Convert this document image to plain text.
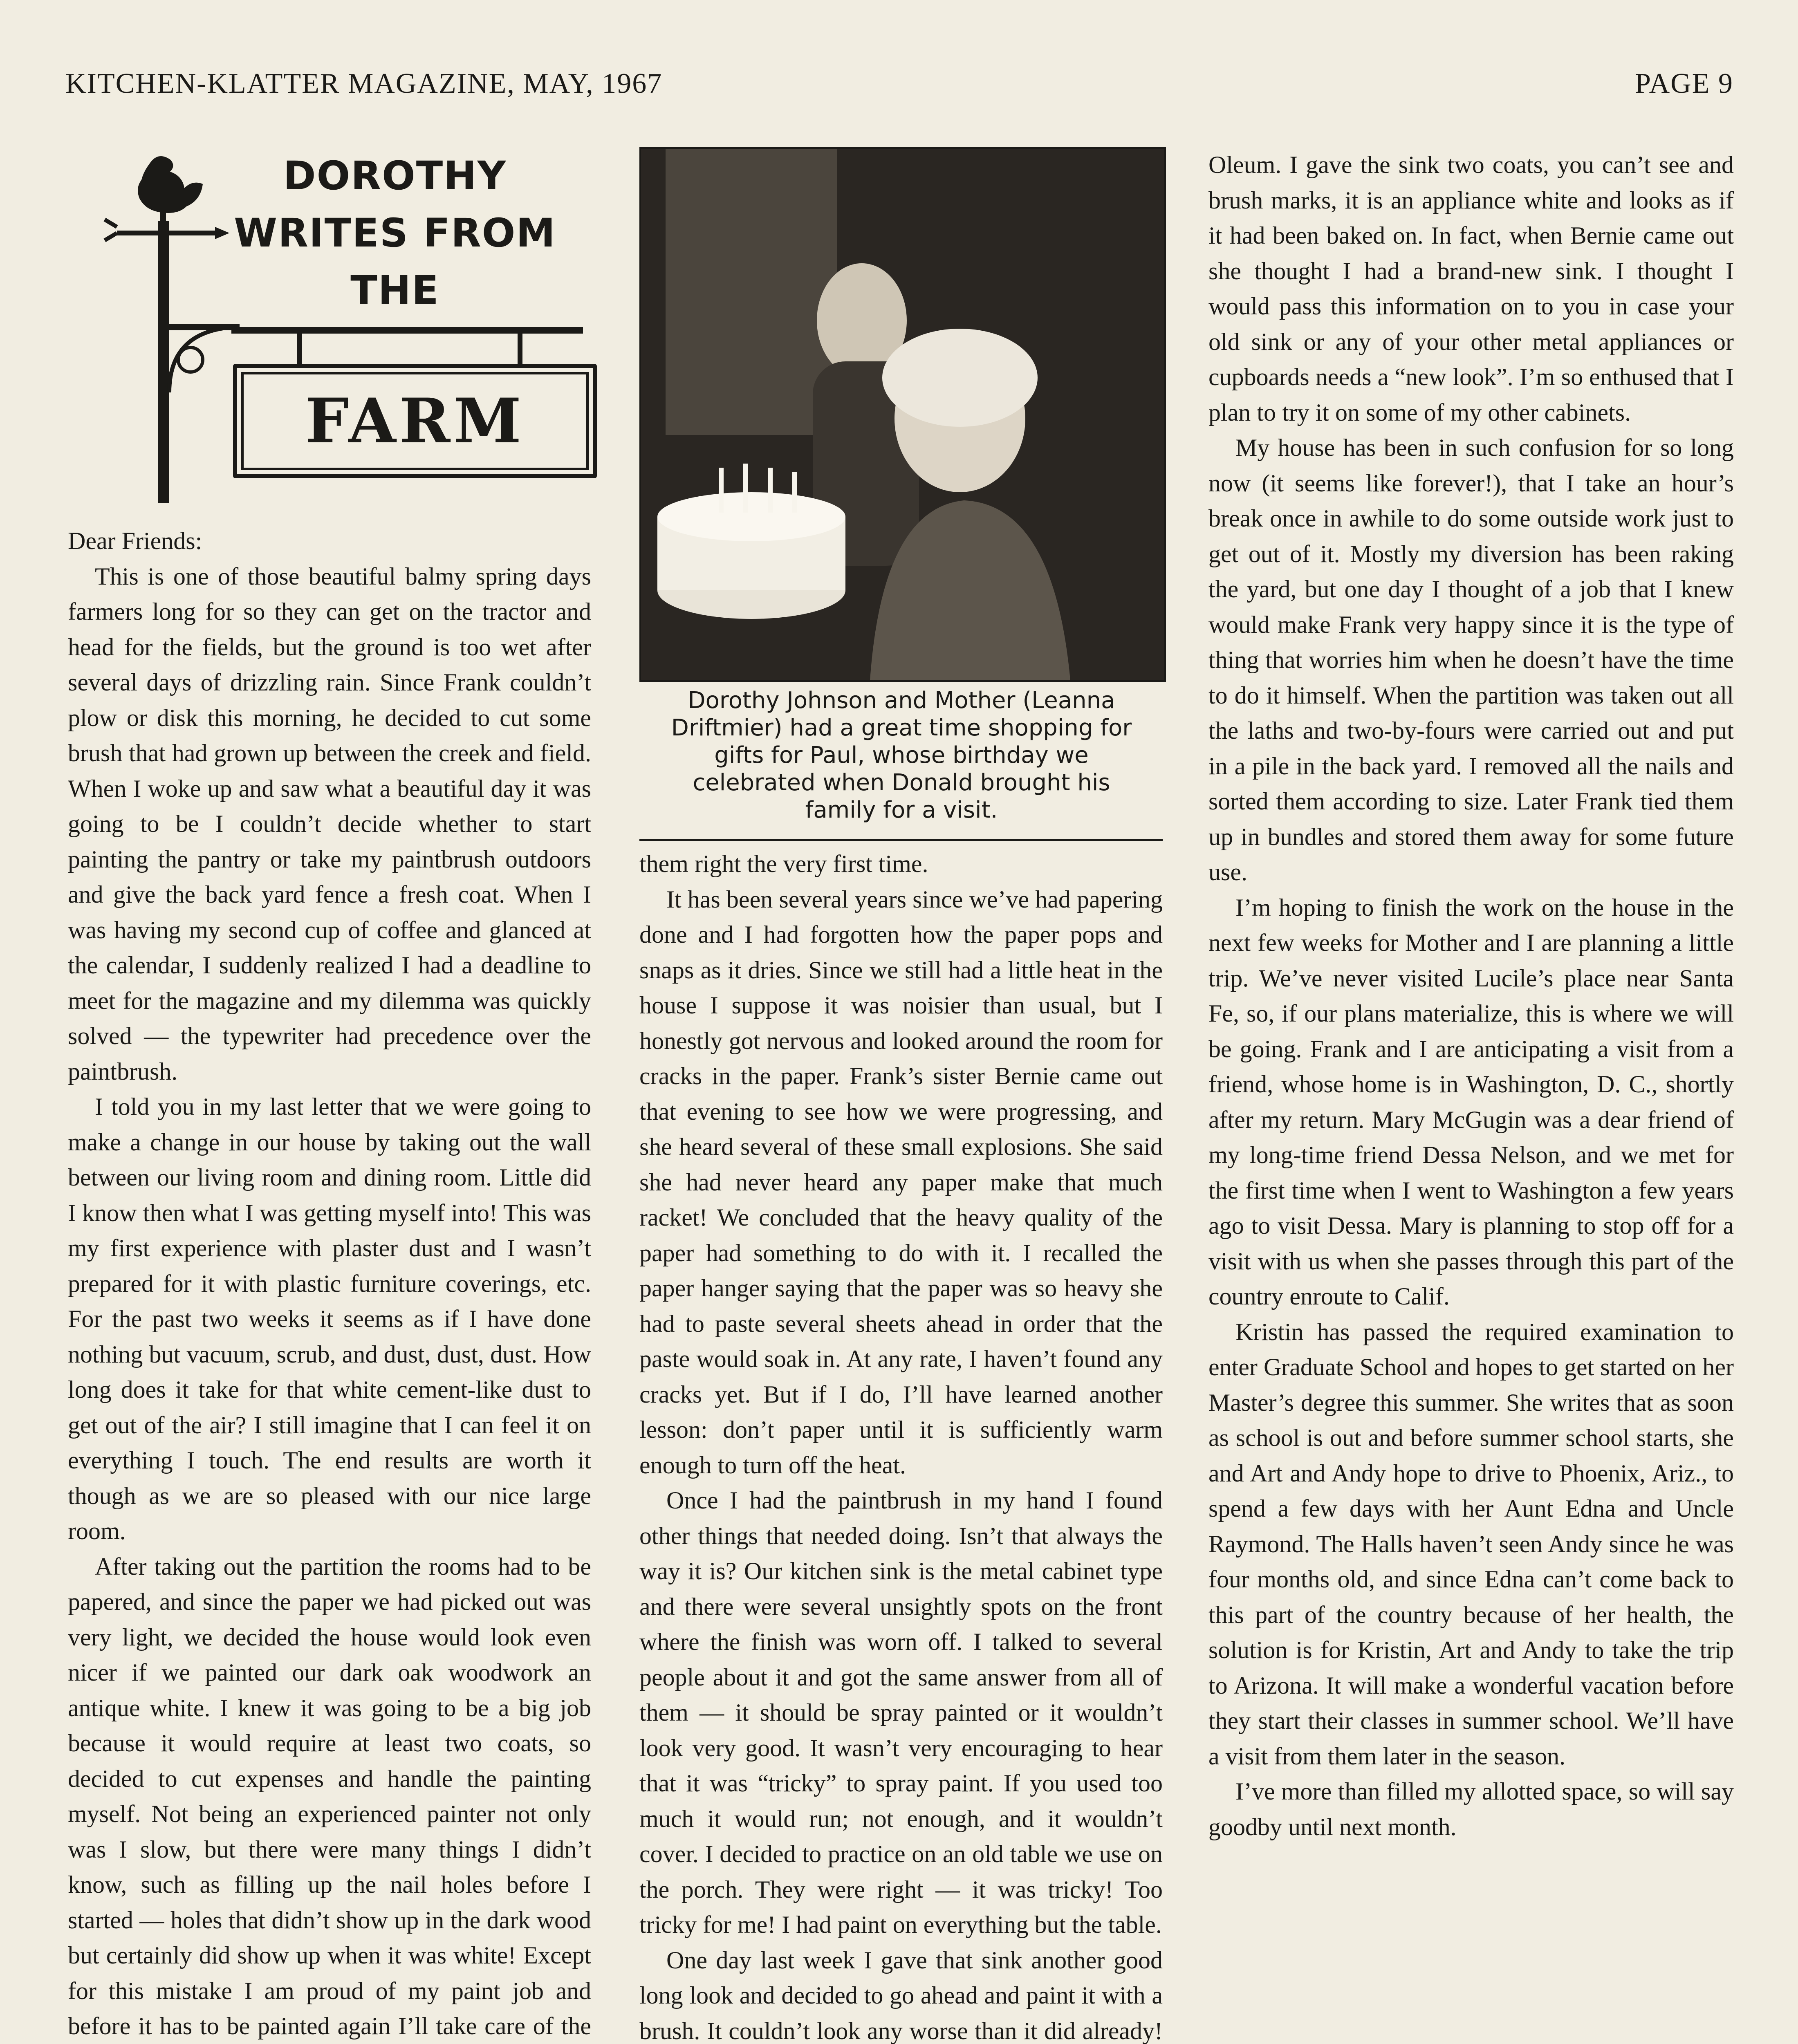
KITCHEN-KLATTER MAGAZINE, MAY, 1967	PAGE 9
DOROTHY
WRITES FROM
THE
FARM

Dear Friends:

This is one of those beautiful balmy spring days farmers long for so they can get on the tractor and head for the fields, but the ground is too wet after several days of drizzling rain. Since Frank couldn’t plow or disk this morning, he decided to cut some brush that had grown up between the creek and field. When I woke up and saw what a beautiful day it was going to be I couldn’t decide whether to start painting the pantry or take my paintbrush outdoors and give the back yard fence a fresh coat. When I was having my second cup of coffee and glanced at the calendar, I suddenly realized I had a deadline to meet for the magazine and my dilemma was quickly solved — the typewriter had precedence over the paintbrush.

I told you in my last letter that we were going to make a change in our house by taking out the wall between our living room and dining room. Little did I know then what I was getting myself into! This was my first experience with plaster dust and I wasn’t prepared for it with plastic furniture coverings, etc. For the past two weeks it seems as if I have done nothing but vacuum, scrub, and dust, dust, dust. How long does it take for that white cement-like dust to get out of the air? I still imagine that I can feel it on everything I touch. The end results are worth it though as we are so pleased with our nice large room.

After taking out the partition the rooms had to be papered, and since the paper we had picked out was very light, we decided the house would look even nicer if we painted our dark oak woodwork an antique white. I knew it was going to be a big job because it would require at least two coats, so decided to cut expenses and handle the painting myself. Not being an experienced painter not only was I slow, but there were many things I didn’t know, such as filling up the nail holes before I started — holes that didn’t show up in the dark wood but certainly did show up when it was white! Except for this mistake I am proud of my paint job and before it has to be painted again I’ll take care of the

Dorothy Johnson and Mother (Leanna Driftmier) had a great time shopping for gifts for Paul, whose birthday we celebrated when Donald brought his family for a visit.

them right the very first time.

It has been several years since we’ve had papering done and I had forgotten how the paper pops and snaps as it dries. Since we still had a little heat in the house I suppose it was noisier than usual, but I honestly got nervous and looked around the room for cracks in the paper. Frank’s sister Bernie came out that evening to see how we were progressing, and she heard several of these small explosions. She said she had never heard any paper make that much racket! We concluded that the heavy quality of the paper had something to do with it. I recalled the paper hanger saying that the paper was so heavy she had to paste several sheets ahead in order that the paste would soak in. At any rate, I haven’t found any cracks yet. But if I do, I’ll have learned another lesson: don’t paper until it is sufficiently warm enough to turn off the heat.

Once I had the paintbrush in my hand I found other things that needed doing. Isn’t that always the way it is? Our kitchen sink is the metal cabinet type and there were several unsightly spots on the front where the finish was worn off. I talked to several people about it and got the same answer from all of them — it should be spray painted or it wouldn’t look very good. It wasn’t very encouraging to hear that it was “tricky” to spray paint. If you used too much it would run; not enough, and it wouldn’t cover. I decided to practice on an old table we use on the porch. They were right — it was tricky! Too tricky for me! I had paint on everything but the table.

One day last week I gave that sink another good long look and decided to go ahead and paint it with a brush. It couldn’t look any worse than it did already!

Oleum. I gave the sink two coats, you can’t see and brush marks, it is an appliance white and looks as if it had been baked on. In fact, when Bernie came out she thought I had a brand-new sink. I thought I would pass this information on to you in case your old sink or any of your other metal appliances or cupboards needs a “new look”. I’m so enthused that I plan to try it on some of my other cabinets.

My house has been in such confusion for so long now (it seems like forever!), that I take an hour’s break once in awhile to do some outside work just to get out of it. Mostly my diversion has been raking the yard, but one day I thought of a job that I knew would make Frank very happy since it is the type of thing that worries him when he doesn’t have the time to do it himself. When the partition was taken out all the laths and two-by-fours were carried out and put in a pile in the back yard. I removed all the nails and sorted them according to size. Later Frank tied them up in bundles and stored them away for some future use.

I’m hoping to finish the work on the house in the next few weeks for Mother and I are planning a little trip. We’ve never visited Lucile’s place near Santa Fe, so, if our plans materialize, this is where we will be going. Frank and I are anticipating a visit from a friend, whose home is in Washington, D. C., shortly after my return. Mary McGugin was a dear friend of my long-time friend Dessa Nelson, and we met for the first time when I went to Washington a few years ago to visit Dessa. Mary is planning to stop off for a visit with us when she passes through this part of the country enroute to Calif.

Kristin has passed the required examination to enter Graduate School and hopes to get started on her Master’s degree this summer. She writes that as soon as school is out and before summer school starts, she and Art and Andy hope to drive to Phoenix, Ariz., to spend a few days with her Aunt Edna and Uncle Raymond. The Halls haven’t seen Andy since he was four months old, and since Edna can’t come back to this part of the country because of her health, the solution is for Kristin, Art and Andy to take the trip to Arizona. It will make a wonderful vacation before they start their classes in summer school. We’ll have a visit from them later in the season.

I’ve more than filled my allotted space, so will say goodby until next month.
